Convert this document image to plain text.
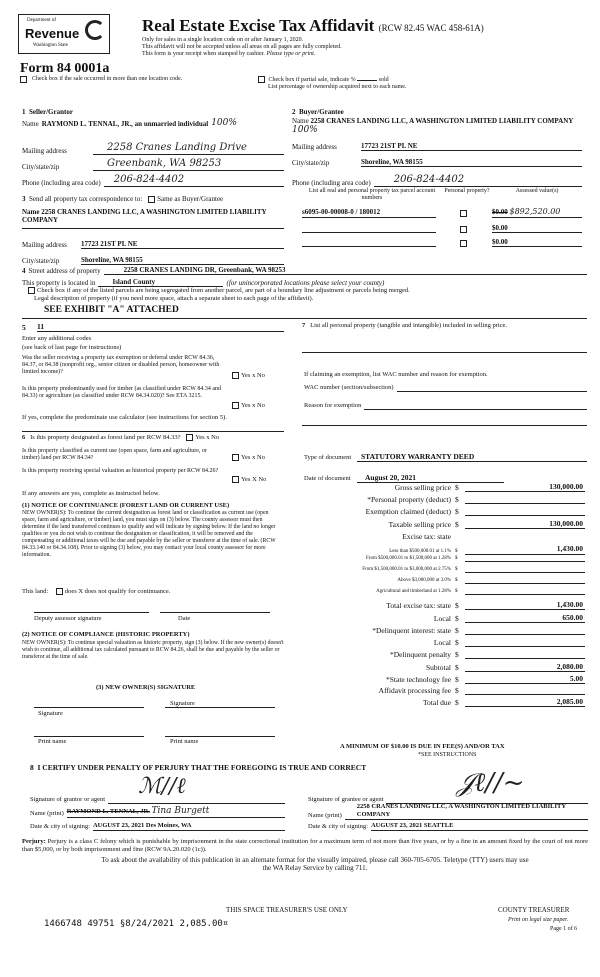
Department of
Revenue
Washington State
Form 84 0001a
Real Estate Excise Tax Affidavit (RCW 82.45 WAC 458-61A)
Only for sales in a single location code on or after January 1, 2020.
This affidavit will not be accepted unless all areas on all pages are fully completed.
This form is your receipt when stamped by cashier. Please type or print.
Check box if the sale occurred in more than one location code.	Check box if partial sale, indicate %	sold
List percentage of ownership acquired next to each name.
1 Seller/Grantor
Name RAYMOND L. TENNAL, JR., an unmarried individual 100%
Mailing address	2258 Cranes Landing Drive
City/state/zip	Greenbank, WA 98253
Phone (including area code)	206-824-4402
2 Buyer/Grantee
Name 2258 CRANES LANDING LLC, A WASHINGTON LIMITED LIABILITY COMPANY 100%
Mailing address	17723 21ST PL NE
City/state/zip	Shoreline, WA 98155
Phone (including area code)	206-824-4402
3 Send all property tax correspondence to: Same as Buyer/Grantee
Name 2258 CRANES LANDING LLC, A WASHINGTON LIMITED LIABILITY COMPANY
Mailing address	17723 21ST PL NE
City/state/zip	Shoreline, WA 98155
List all real and personal property tax parcel account numbers
Personal property?	Assessed value(s)
s6095-00-00008-0 / 180012	$0.00 $892,520.00
$0.00
$0.00
4 Street address of property	2258 CRANES LANDING DR, Greenbank, WA 98253
This property is located in	Island County	(for unincorporated locations please select your county)
Check box if any of the listed parcels are being segregated from another parcel, are part of a boundary line adjustment or parcels being merged.
Legal description of property (if you need more space, attach a separate sheet to each page of the affidavit).
SEE EXHIBIT "A" ATTACHED
5	11
Enter any additional codes
(see back of last page for instructions)
Was the seller receiving a property tax exemption or deferral under RCW 84.36, 84.37, or 84.38 (nonprofit org., senior citizen or disabled person, homeowner with limited income)?	Yes x No
Is this property predominantly used for timber (as classified under RCW 84.34 and 84.33) or agriculture (as classified under RCW 84.34.020)? See ETA 3215.
Yes x No
If yes, complete the predominate use calculator (see instructions for section 5).
6 Is this property designated as forest land per RCW 84.33? Yes x No
Is this property classified as current use (open space, farm and agriculture, or timber) land per RCW 84.34?	Yes x No
Is this property receiving special valuation as historical property per RCW 84.26?
Yes X No
If any answers are yes, complete as instructed below.
(1) NOTICE OF CONTINUANCE (FOREST LAND OR CURRENT USE)
NEW OWNER(S): To continue the current designation as forest land or classification as current use (open space, farm and agriculture, or timber) land, you must sign on (3) below. The county assessor must then determine if the land transferred continues to qualify and will indicate by signing below. If the land no longer qualifies or you do not wish to continue the designation or classification, it will be removed and the compensating or additional taxes will be due and payable by the seller or transferor at the time of sale. (RCW 84.33.140 or 84.34.108). Prior to signing (3) below, you may contact your local county assessor for more information.
This land:	does X does not qualify for continuance.
Deputy assessor signature	Date
(2) NOTICE OF COMPLIANCE (HISTORIC PROPERTY)
NEW OWNER(S): To continue special valuation as historic property, sign (3) below. If the new owner(s) doesn't wish to continue, all additional tax calculated pursuant to RCW 84.26, shall be due and payable by the seller or transferor at the time of sale.
(3) NEW OWNER(S) SIGNATURE
Signature
Signature
Print name	Print name
7 List all personal property (tangible and intangible) included in selling price.
If claiming an exemption, list WAC number and reason for exemption.
WAC number (section/subsection)
Reason for exemption
Type of document	STATUTORY WARRANTY DEED
Date of document	August 20, 2021
Gross selling price $	130,000.00
*Personal property (deduct) $
Exemption claimed (deduct) $
Taxable selling price $	130,000.00
Excise tax: state
Less than $500,000.01 at 1.1% $	1,430.00
From $500,000.01 to $1,500,000 at 1.28% $
From $1,500,000.01 to $3,000,000 at 2.75% $
Above $3,000,000 at 3.0% $
Agricultural and timberland at 1.28% $
Total excise tax: state $	1,430.00
Local $	650.00
*Delinquent interest: state $
Local $
*Delinquent penalty $
Subtotal $	2,080.00
*State technology fee $	5.00
Affidavit processing fee $
Total due $	2,085.00
A MINIMUM OF $10.00 IS DUE IN FEE(S) AND/OR TAX
*SEE INSTRUCTIONS
8 I CERTIFY UNDER PENALTY OF PERJURY THAT THE FOREGOING IS TRUE AND CORRECT
Signature of grantor or agent
ℳ∕∕ℓ
Signature of grantee or agent
𝒥ℓ∕∕~
Name (print) RAYMOND L. TENNAL, JR. Tina Burgett	Name (print)
2258 CRANES LANDING LLC, A WASHINGTON LIMITED LIABILITY COMPANY
Date & city of signing: AUGUST 23, 2021 Des Moines, WA	Date & city of signing: AUGUST 23, 2021 SEATTLE
Perjury: Perjury is a class C felony which is punishable by imprisonment in the state correctional institution for a maximum term of not more than five years, or by a fine in an amount fixed by the court of not more than $5,000, or by both imprisonment and fine (RCW 9A.20.020 (1c)).
To ask about the availability of this publication in an alternate format for the visually impaired, please call 360-705-6705. Teletype (TTY) users may use the WA Relay Service by calling 711.
THIS SPACE TREASURER'S USE ONLY
1466748 49751 §8/24/2021 2,085.00¤
COUNTY TREASURER
Print on legal size paper.
Page 1 of 6
